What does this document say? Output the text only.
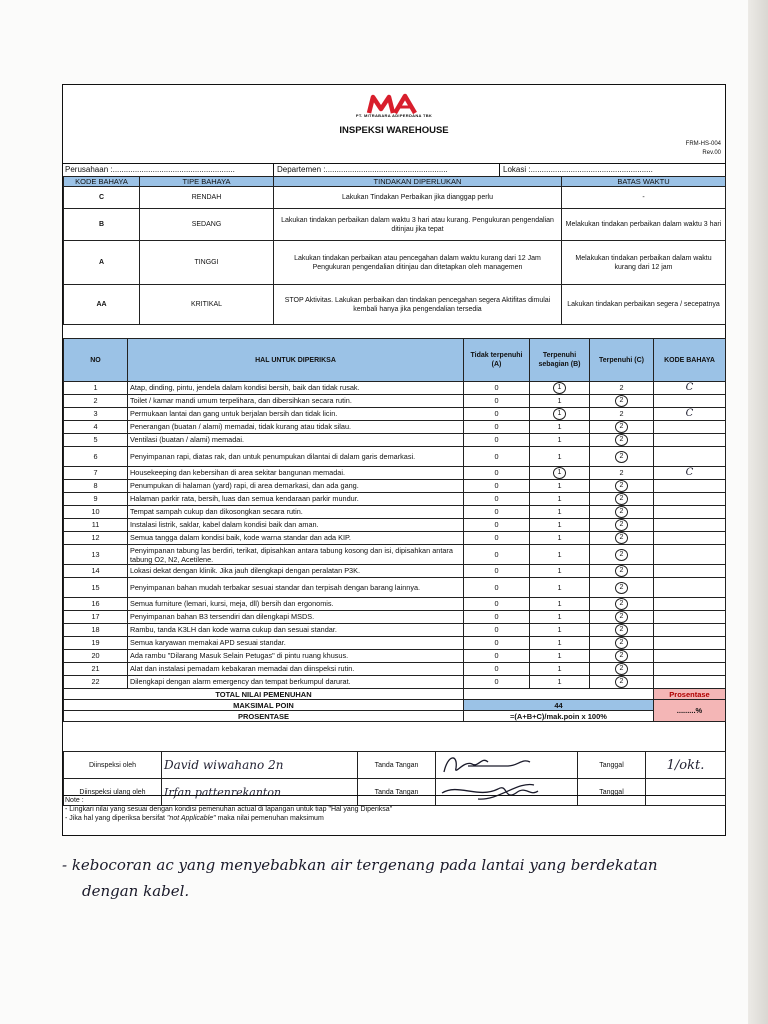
PT. MITRABARA ADIPERDANA TBK
INSPEKSI WAREHOUSE
FRM-HS-004
Rev.00
Perusahaan :.......................................................	Departemen :.......................................................	Lokasi :.......................................................
KODE BAHAYA	TIPE BAHAYA	TINDAKAN DIPERLUKAN	BATAS WAKTU
C	RENDAH	Lakukan Tindakan Perbaikan jika dianggap perlu	-
B	SEDANG	Lakukan tindakan perbaikan dalam waktu 3 hari atau kurang. Pengukuran pengendalian ditinjau jika tepat	Melakukan tindakan perbaikan dalam waktu 3 hari
A	TINGGI	Lakukan tindakan perbaikan atau pencegahan dalam waktu kurang dari 12 Jam Pengukuran pengendalian ditinjau dan ditetapkan oleh managemen	Melakukan tindakan perbaikan dalam waktu kurang dari 12 jam
AA	KRITIKAL	STOP Aktivitas. Lakukan perbaikan dan tindakan pencegahan segera Aktifitas dimulai kembali hanya jika pengendalian tersedia	Lakukan tindakan perbaikan segera / secepatnya
NO	HAL UNTUK DIPERIKSA	Tidak terpenuhi (A)	Terpenuhi sebagian (B)	Terpenuhi (C)	KODE BAHAYA
1	Atap, dinding, pintu, jendela dalam kondisi bersih, baik dan tidak rusak.	0	1	2	C
2	Toilet / kamar mandi umum terpelihara, dan dibersihkan secara rutin.	0	1	2	
3	Permukaan lantai dan gang untuk berjalan bersih dan tidak licin.	0	1	2	C
4	Penerangan (buatan / alami) memadai, tidak kurang atau tidak silau.	0	1	2	
5	Ventilasi (buatan / alami) memadai.	0	1	2	
6	Penyimpanan rapi, diatas rak, dan untuk penumpukan dilantai di dalam garis demarkasi.	0	1	2	
7	Housekeeping dan kebersihan di area sekitar bangunan memadai.	0	1	2	C
8	Penumpukan di halaman (yard) rapi, di area demarkasi, dan ada gang.	0	1	2	
9	Halaman parkir rata, bersih, luas dan semua kendaraan parkir mundur.	0	1	2	
10	Tempat sampah cukup dan dikosongkan secara rutin.	0	1	2	
11	Instalasi listrik, saklar, kabel dalam kondisi baik dan aman.	0	1	2	
12	Semua tangga dalam kondisi baik, kode warna standar dan ada KIP.	0	1	2	
13	Penyimpanan tabung las berdiri, terikat, dipisahkan antara tabung kosong dan isi, dipisahkan antara tabung O2, N2, Acetilene.	0	1	2	
14	Lokasi dekat dengan klinik. Jika jauh dilengkapi dengan peralatan P3K.	0	1	2	
15	Penyimpanan bahan mudah terbakar sesuai standar dan terpisah dengan barang lainnya.	0	1	2	
16	Semua furniture (lemari, kursi, meja, dll) bersih dan ergonomis.	0	1	2	
17	Penyimpanan bahan B3 tersendiri dan dilengkapi MSDS.	0	1	2	
18	Rambu, tanda K3LH dan kode warna cukup dan sesuai standar.	0	1	2	
19	Semua karyawan memakai APD sesuai standar.	0	1	2	
20	Ada rambu "Dilarang Masuk Selain Petugas" di pintu ruang khusus.	0	1	2	
21	Alat dan instalasi pemadam kebakaran memadai dan diinspeksi rutin.	0	1	2	
22	Dilengkapi dengan alarm emergency dan tempat berkumpul darurat.	0	1	2	
TOTAL NILAI PEMENUHAN					Prosentase
MAKSIMAL POIN		44			.........%
PROSENTASE		=(A+B+C)/mak.poin x 100%			
Diinspeksi oleh	David wiwahano 2n	Tanda Tangan		Tanggal	1/okt.
Diinspeksi ulang oleh	Irfan pattenrekanton	Tanda Tangan		Tanggal	
Note :
- Lingkari nilai yang sesuai dengan kondisi pemenuhan actual di lapangan untuk tiap "Hal yang Diperiksa"
- Jika hal yang diperiksa bersifat "not Applicable" maka nilai pemenuhan maksimum
- kebocoran ac yang menyebabkan air tergenang pada lantai yang berdekatan
dengan kabel.
